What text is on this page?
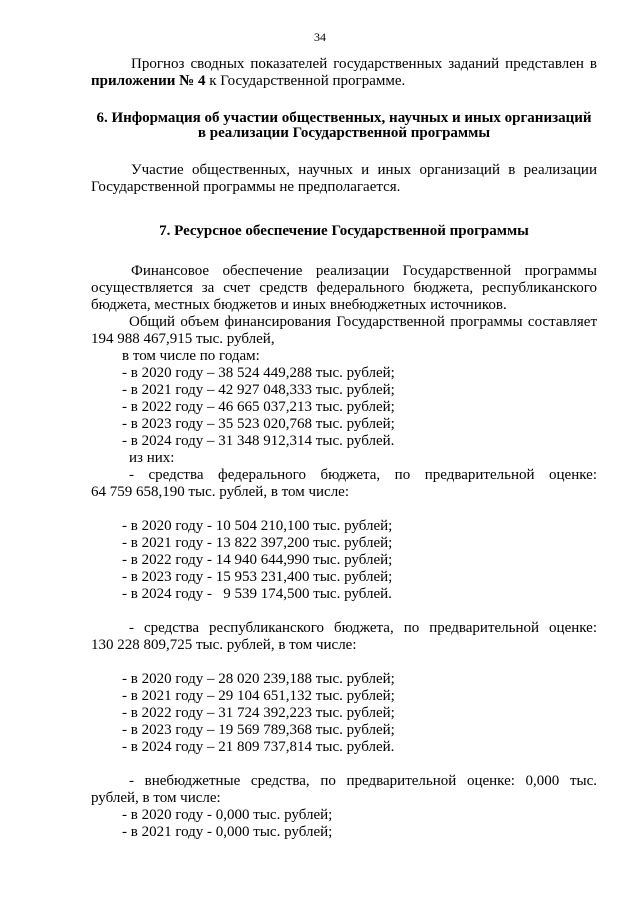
34

Прогноз сводных показателей государственных заданий представлен в

приложении № 4 к Государственной программе.

6. Информация об участии общественных, научных и иных организаций

в реализации Государственной программы

Участие общественных, научных и иных организаций в реализации

Государственной программы не предполагается.

7. Ресурсное обеспечение Государственной программы

Финансовое обеспечение реализации Государственной программы

осуществляется за счет средств федерального бюджета, республиканского

бюджета, местных бюджетов и иных внебюджетных источников.

Общий объем финансирования Государственной программы составляет

194 988 467,915 тыс. рублей,

в том числе по годам:

- в 2020 году – 38 524 449,288 тыс. рублей;

- в 2021 году – 42 927 048,333 тыс. рублей;

- в 2022 году – 46 665 037,213 тыс. рублей;

- в 2023 году – 35 523 020,768 тыс. рублей;

- в 2024 году – 31 348 912,314 тыс. рублей.

из них:

- средства федерального бюджета, по предварительной оценке:

64 759 658,190 тыс. рублей, в том числе:

- в 2020 году - 10 504 210,100 тыс. рублей;

- в 2021 году - 13 822 397,200 тыс. рублей;

- в 2022 году - 14 940 644,990 тыс. рублей;

- в 2023 году - 15 953 231,400 тыс. рублей;

- в 2024 году -   9 539 174,500 тыс. рублей.

- средства республиканского бюджета, по предварительной оценке:

130 228 809,725 тыс. рублей, в том числе:

- в 2020 году – 28 020 239,188 тыс. рублей;

- в 2021 году – 29 104 651,132 тыс. рублей;

- в 2022 году – 31 724 392,223 тыс. рублей;

- в 2023 году – 19 569 789,368 тыс. рублей;

- в 2024 году – 21 809 737,814 тыс. рублей.

- внебюджетные средства, по предварительной оценке: 0,000 тыс.

рублей, в том числе:

- в 2020 году - 0,000 тыс. рублей;

- в 2021 году - 0,000 тыс. рублей;
